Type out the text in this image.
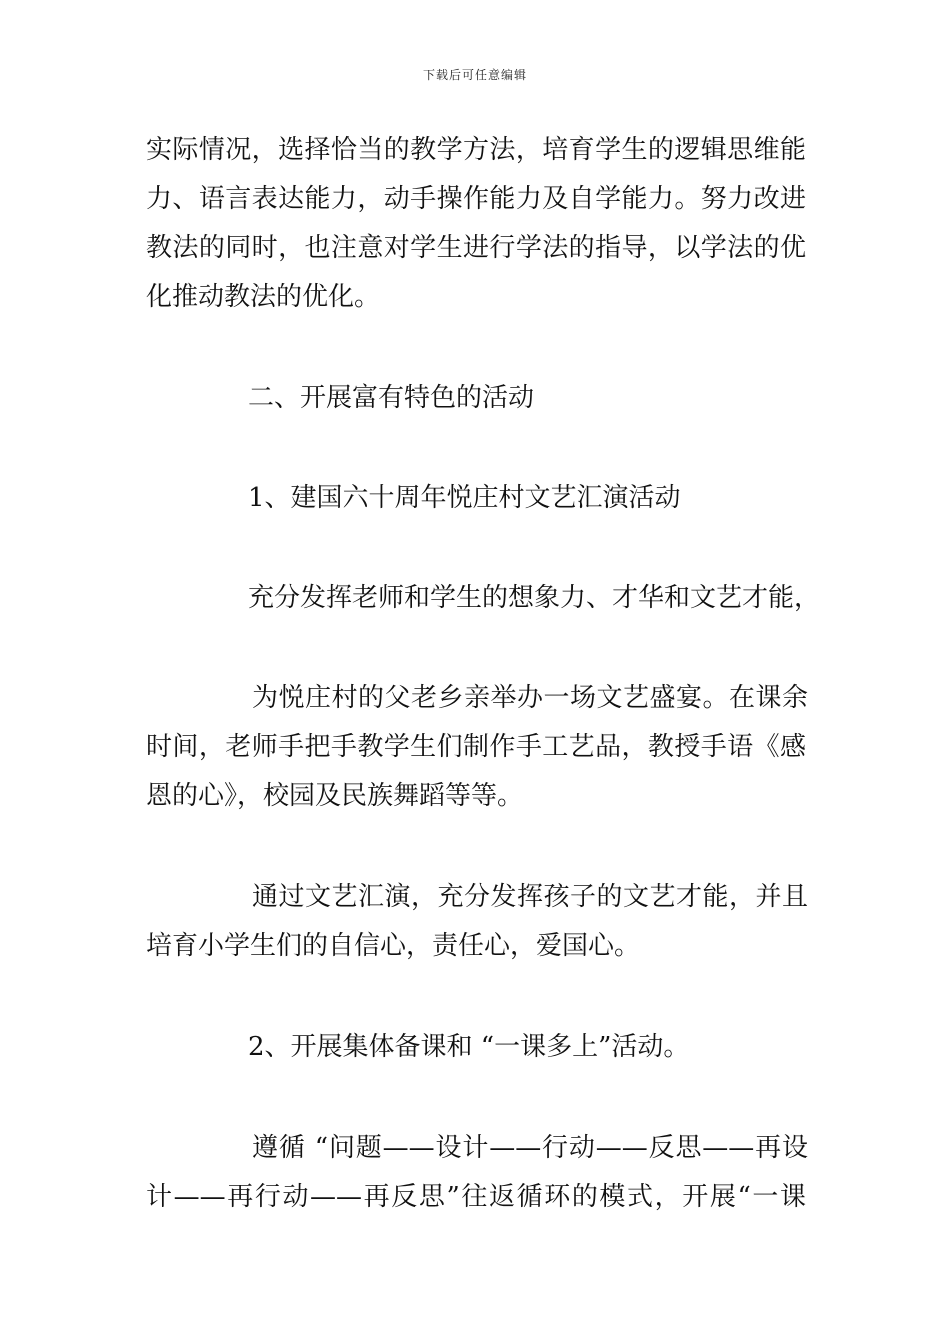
下载后可任意编辑
实际情况，选择恰当的教学方法，培育学生的逻辑思维能
力、语言表达能力，动手操作能力及自学能力。努力改进
教法的同时，也注意对学生进行学法的指导，以学法的优
化推动教法的优化。
二、开展富有特色的活动
1、建国六十周年悦庄村文艺汇演活动
充分发挥老师和学生的想象力、才华和文艺才能，
为悦庄村的父老乡亲举办一场文艺盛宴。在课余
时间，老师手把手教学生们制作手工艺品，教授手语《感
恩的心》，校园及民族舞蹈等等。
通过文艺汇演，充分发挥孩子的文艺才能，并且
培育小学生们的自信心，责任心，爱国心。
2、开展集体备课和 “一课多上”活动。
遵循 “问题——设计——行动——反思——再设
计——再行动——再反思”往返循环的模式，开展“一课
